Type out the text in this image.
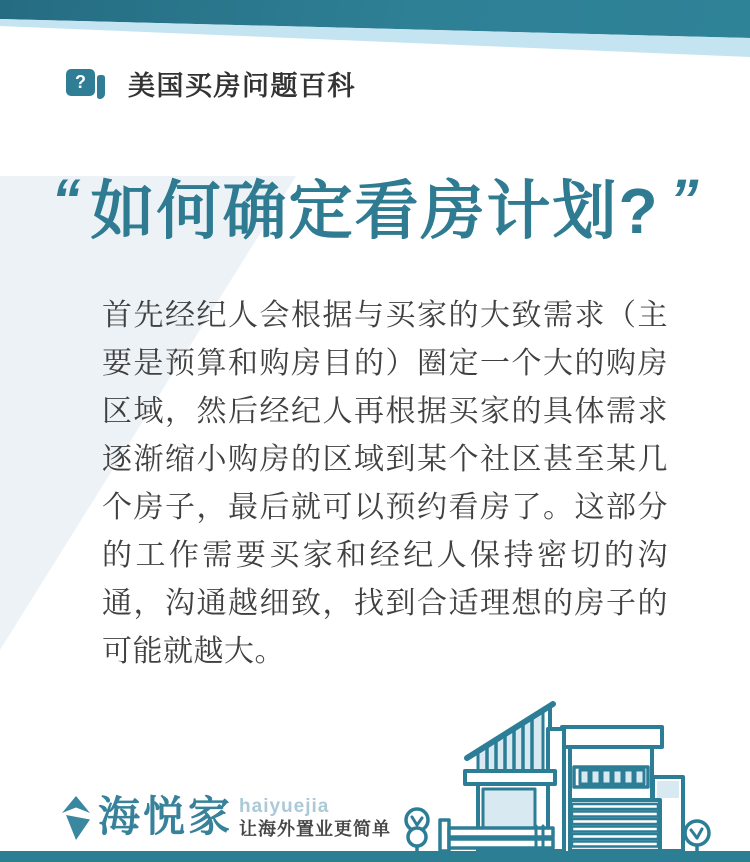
? 美国买房问题百科
“ 如何确定看房计划? ”
首先经纪人会根据与买家的大致需求（主要是预算和购房目的）圈定一个大的购房区域，然后经纪人再根据买家的具体需求逐渐缩小购房的区域到某个社区甚至某几个房子，最后就可以预约看房了。这部分的工作需要买家和经纪人保持密切的沟通，沟通越细致，找到合适理想的房子的可能就越大。
海悦家 haiyuejia
让海外置业更简单
